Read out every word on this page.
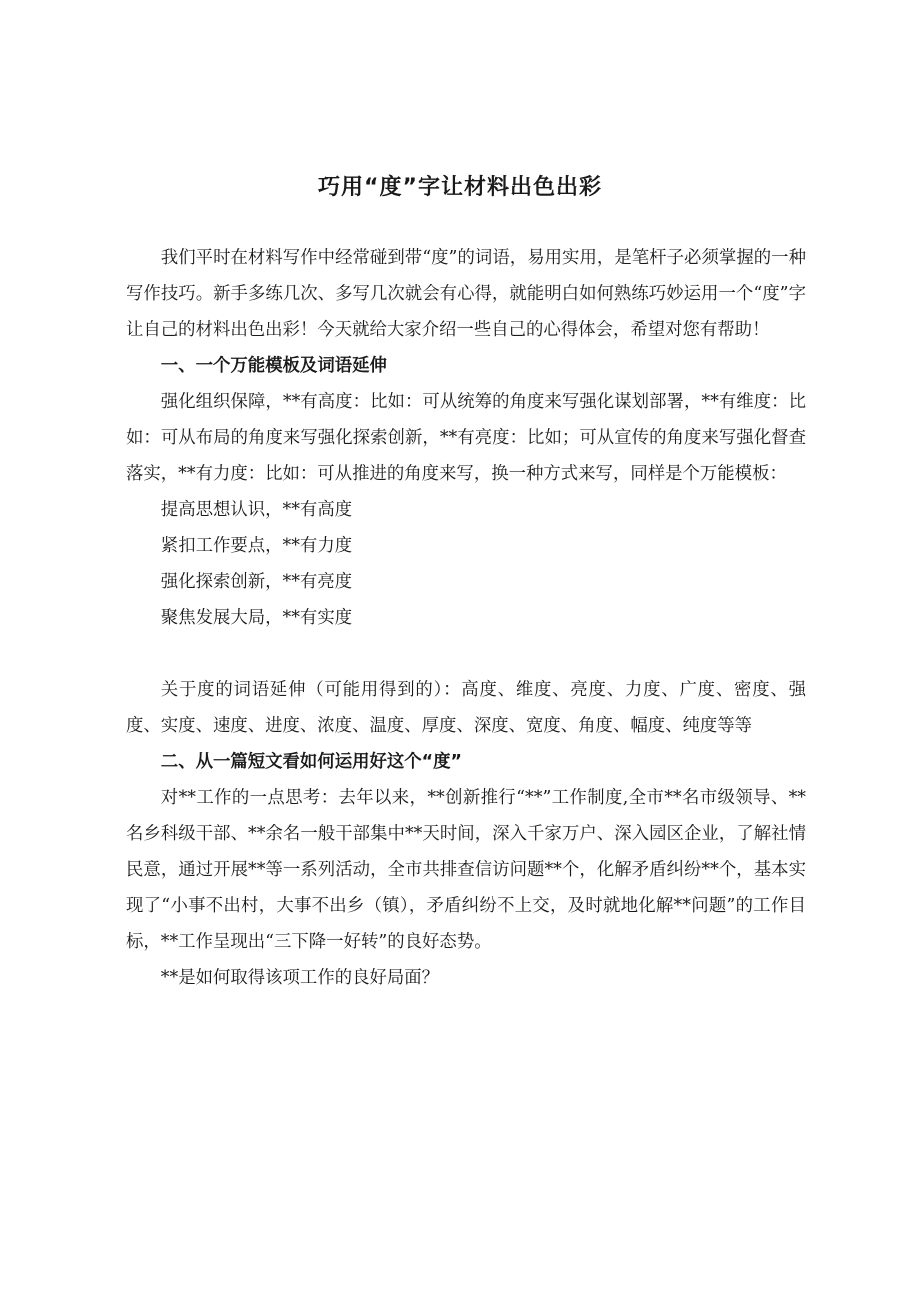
巧用“度”字让材料出色出彩

我们平时在材料写作中经常碰到带“度”的词语，易用实用，是笔杆子必须掌握的一种写作技巧。新手多练几次、多写几次就会有心得，就能明白如何熟练巧妙运用一个“度”字让自己的材料出色出彩！今天就给大家介绍一些自己的心得体会，希望对您有帮助！

一、一个万能模板及词语延伸

强化组织保障，**有高度：比如：可从统筹的角度来写强化谋划部署，**有维度：比如：可从布局的角度来写强化探索创新，**有亮度：比如；可从宣传的角度来写强化督查落实，**有力度：比如：可从推进的角度来写，换一种方式来写，同样是个万能模板：

提高思想认识，**有高度

紧扣工作要点，**有力度

强化探索创新，**有亮度

聚焦发展大局，**有实度

关于度的词语延伸（可能用得到的）：高度、维度、亮度、力度、广度、密度、强度、实度、速度、进度、浓度、温度、厚度、深度、宽度、角度、幅度、纯度等等

二、从一篇短文看如何运用好这个“度”

对**工作的一点思考：去年以来，**创新推行“**”工作制度,全市**名市级领导、**名乡科级干部、**余名一般干部集中**天时间，深入千家万户、深入园区企业，了解社情民意，通过开展**等一系列活动，全市共排查信访问题**个，化解矛盾纠纷**个，基本实现了“小事不出村，大事不出乡（镇），矛盾纠纷不上交，及时就地化解**问题”的工作目标，**工作呈现出“三下降一好转”的良好态势。

**是如何取得该项工作的良好局面？
